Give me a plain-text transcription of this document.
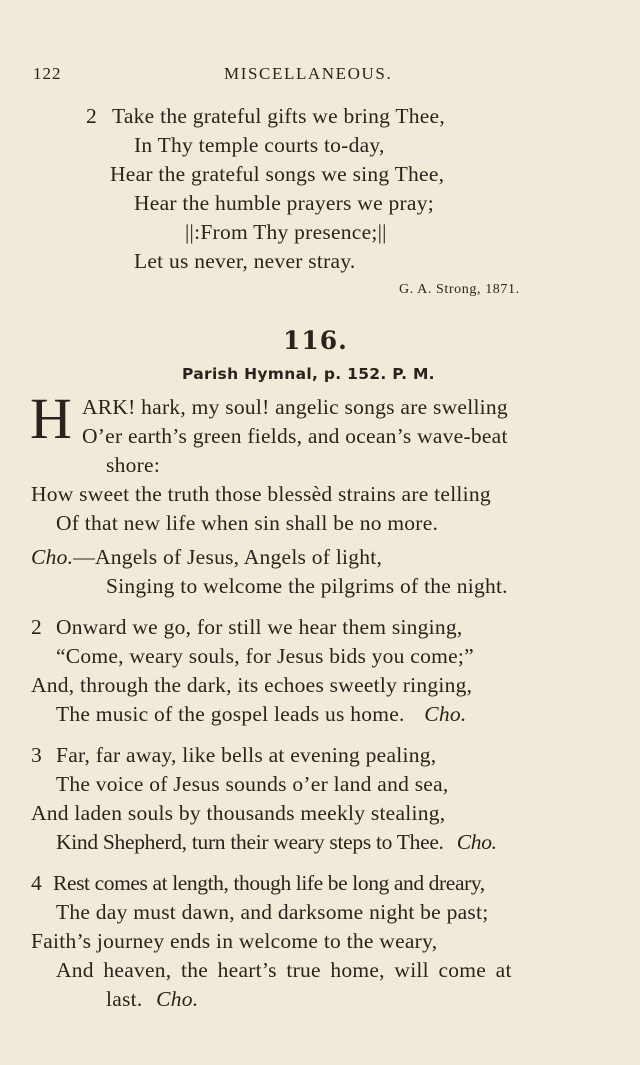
122	MISCELLANEOUS.
2 Take the grateful gifts we bring Thee,
In Thy temple courts to-day,
Hear the grateful songs we sing Thee,
Hear the humble prayers we pray;
||:From Thy presence;||
Let us never, never stray.
G. A. Strong, 1871.
116.
Parish Hymnal, p. 152. P. M.
H ARK! hark, my soul! angelic songs are swelling
O’er earth’s green fields, and ocean’s wave-beat
shore:
How sweet the truth those blessèd strains are telling
Of that new life when sin shall be no more.
Cho.—Angels of Jesus, Angels of light,
Singing to welcome the pilgrims of the night.
2 Onward we go, for still we hear them singing,
“Come, weary souls, for Jesus bids you come;”
And, through the dark, its echoes sweetly ringing,
The music of the gospel leads us home. Cho.
3 Far, far away, like bells at evening pealing,
The voice of Jesus sounds o’er land and sea,
And laden souls by thousands meekly stealing,
Kind Shepherd, turn their weary steps to Thee. Cho.
4 Rest comes at length, though life be long and dreary,
The day must dawn, and darksome night be past;
Faith’s journey ends in welcome to the weary,
And heaven, the heart’s true home, will come at
last. Cho.
